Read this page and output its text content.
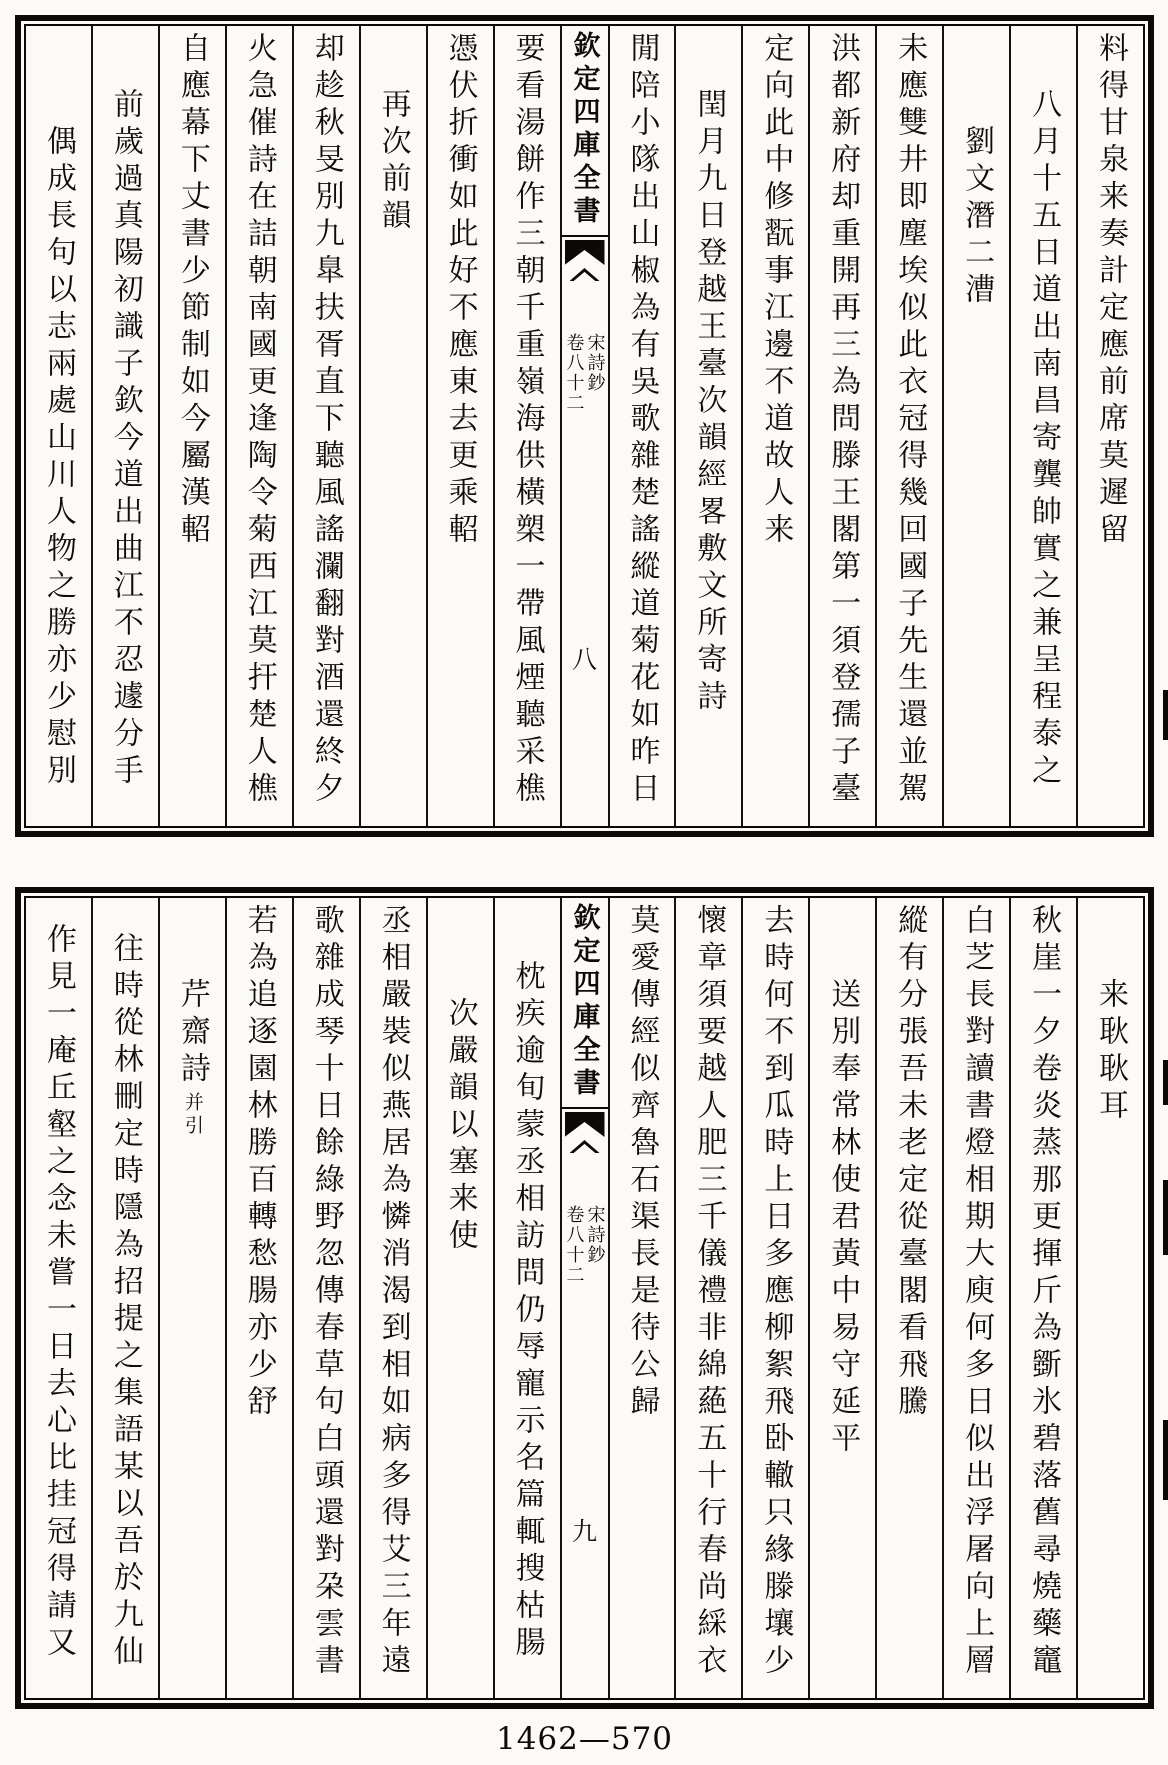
料得甘泉来奏計定應前席莫遲留
八月十五日道出南昌寄龔帥實之兼呈程泰之
劉文潛二漕
未應雙井即塵埃似此衣冠得幾回國子先生還並駕
洪都新府却重開再三為問滕王閣第一須登孺子臺
定向此中修翫事江邊不道故人来
閏月九日登越王臺次韻經畧敷文所寄詩
閒陪小隊出山椒為有吳歌雜楚謠縱道菊花如昨日
欽定四庫全書
宋詩鈔
卷八十二
八
要看湯餅作三朝千重嶺海供橫槊一帶風煙聽采樵
憑伏折衝如此好不應東去更乘軺
再次前韻
却趁秋旻別九臯扶胥直下聽風謠瀾翻對酒還終夕
火急催詩在詰朝南國更逢陶令菊西江莫扞楚人樵
自應幕下丈書少節制如今屬漢軺
前歲過真陽初識子欽今道出曲江不忍遽分手
偶成長句以志兩處山川人物之勝亦少慰別
来耿耿耳
秋崖一夕卷炎蒸那更揮斤為斵氷碧落舊尋燒藥竈
白芝長對讀書燈相期大庾何多日似出浮屠向上層
縱有分張吾未老定從臺閣看飛騰
送別奉常林使君黃中易守延平
去時何不到瓜時上日多應柳絮飛卧轍只緣滕壤少
懷章須要越人肥三千儀禮非綿蕝五十行春尚綵衣
莫愛傳經似齊魯石渠長是待公歸
欽定四庫全書
宋詩鈔
卷八十二
九
枕疾逾旬蒙丞相訪問仍辱寵示名篇輒搜枯腸
次嚴韻以塞来使
丞相嚴裝似燕居為憐消渴到相如病多得艾三年遠
歌雜成琴十日餘綠野忽傳春草句白頭還對朶雲書
若為追逐園林勝百轉愁腸亦少舒
芹齋詩并引
往時從林刪定時隱為招提之集語某以吾於九仙
作見一庵丘壑之念未嘗一日去心比挂冠得請又
1462—570
